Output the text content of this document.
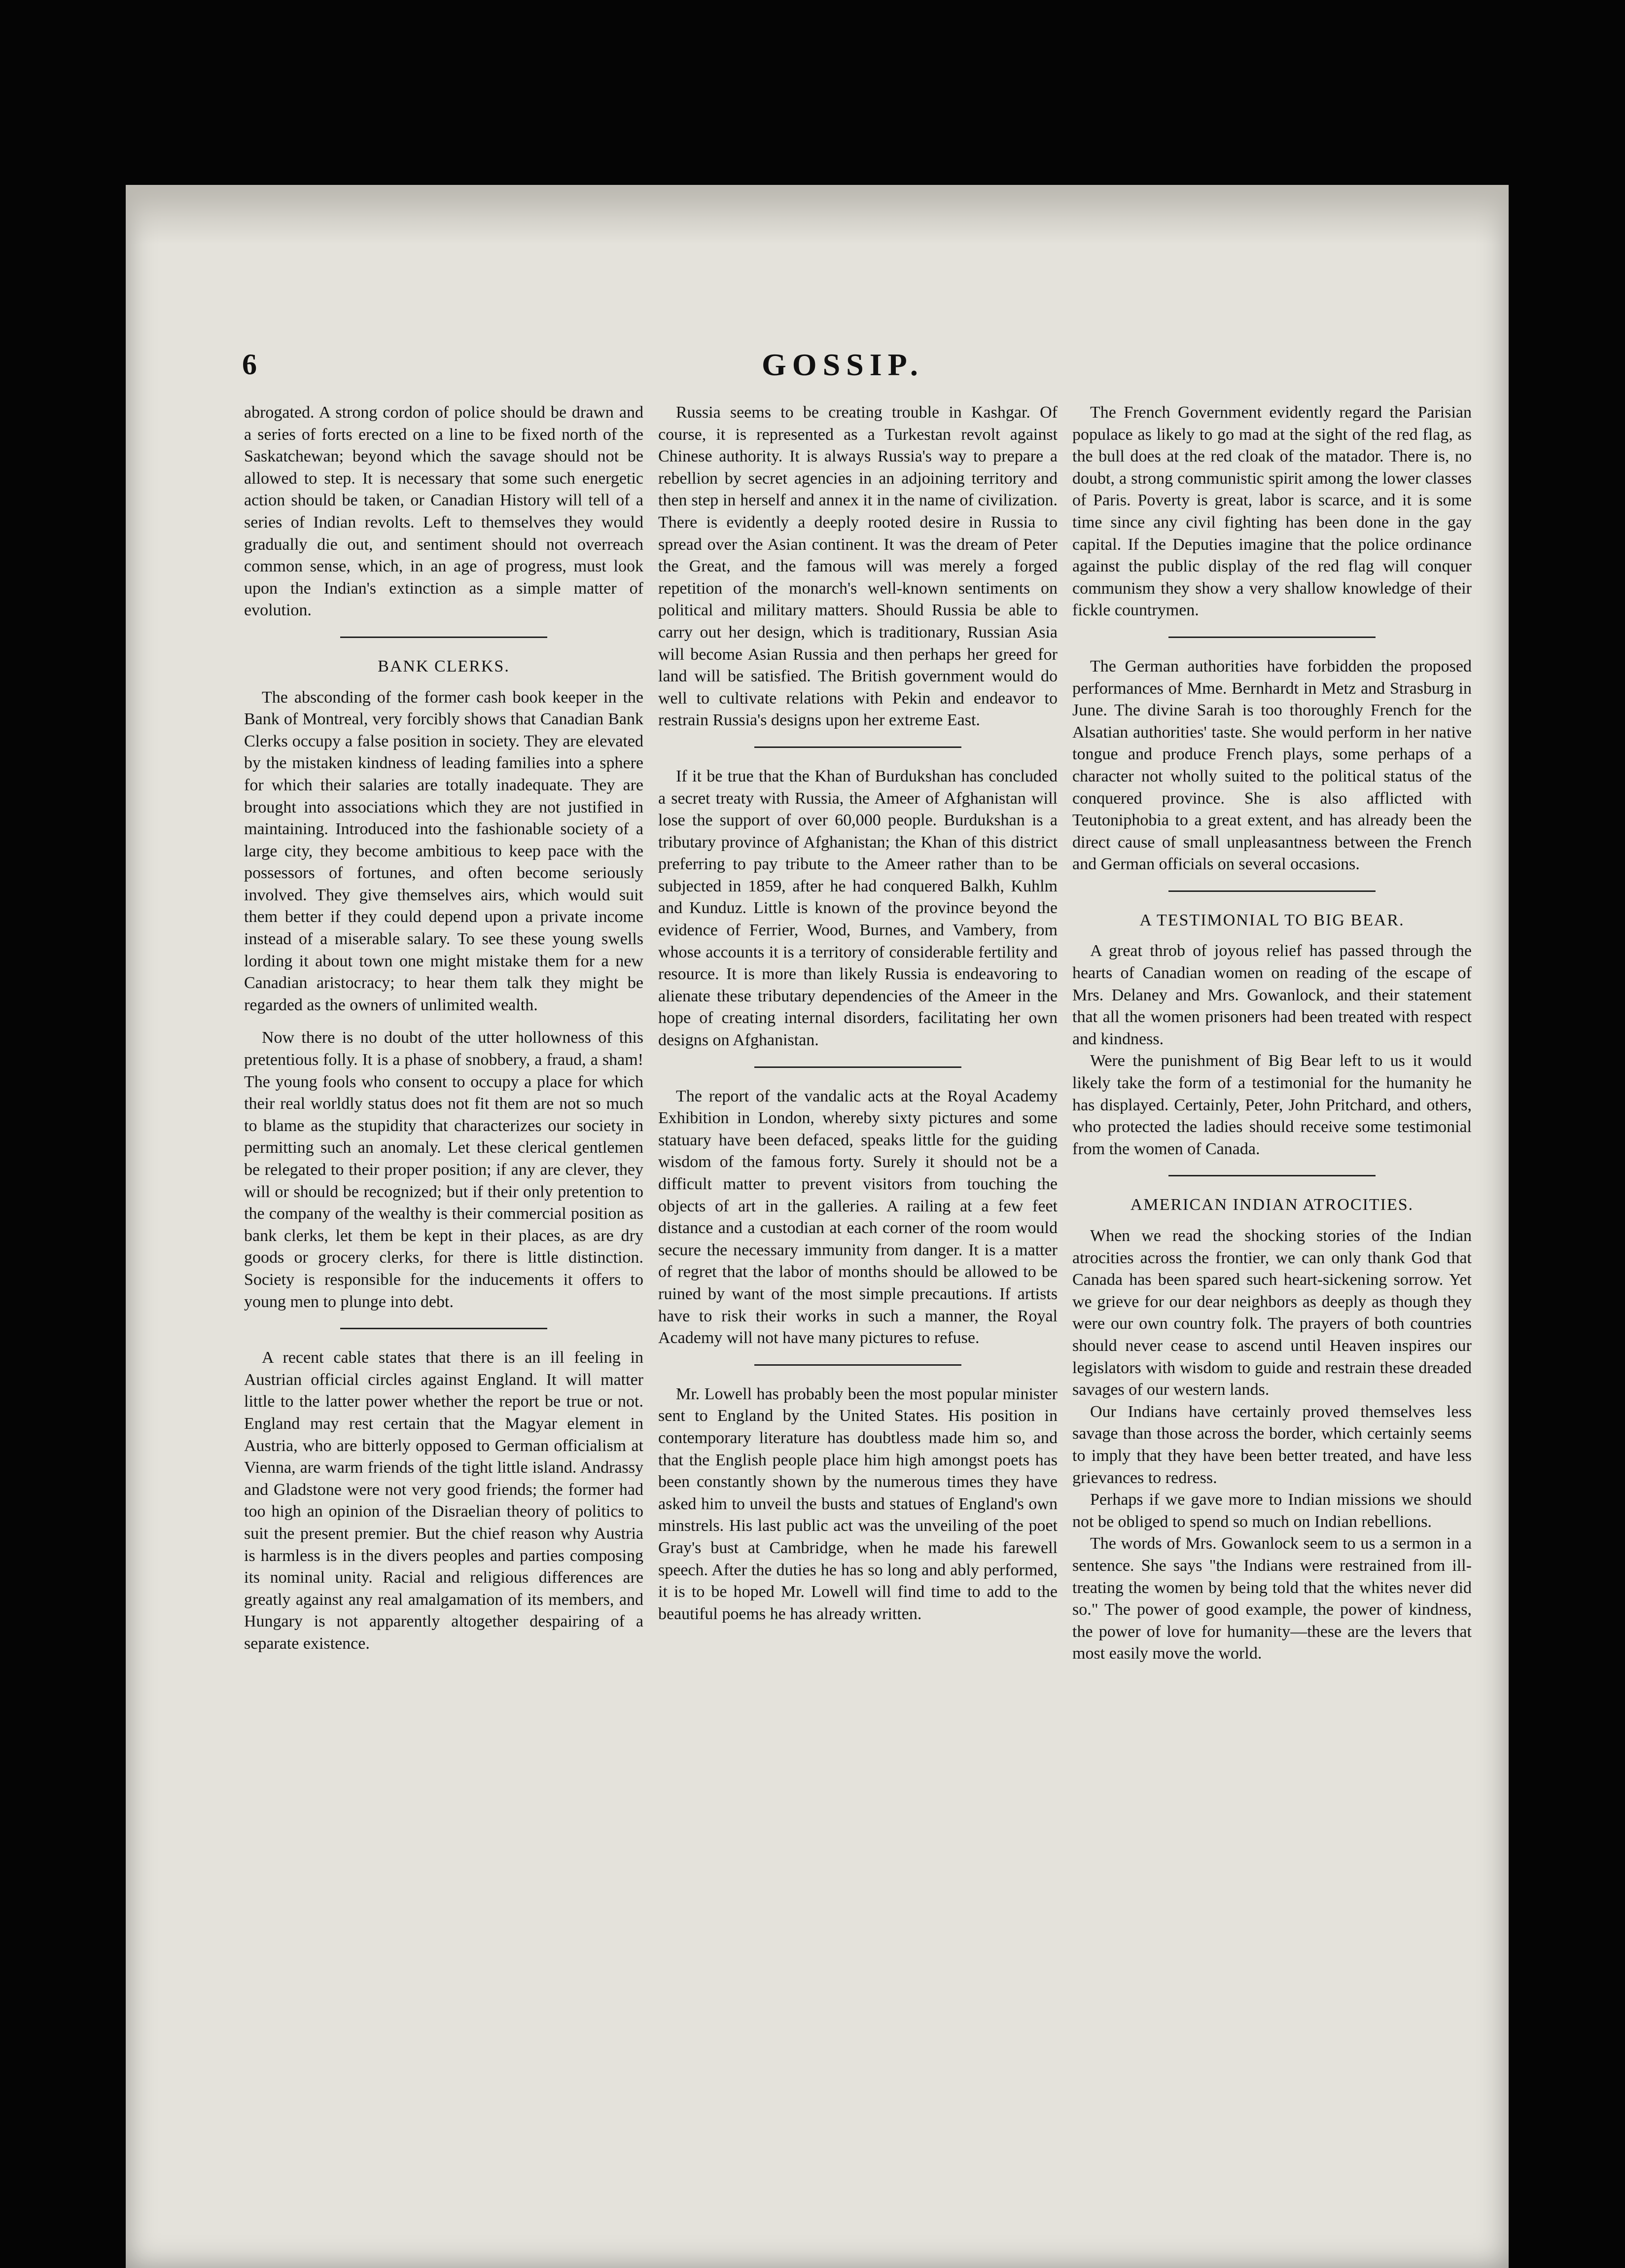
6	GOSSIP.

abrogated. A strong cordon of police should be drawn and a series of forts erected on a line to be fixed north of the Saskatchewan; beyond which the savage should not be allowed to step. It is necessary that some such energetic action should be taken, or Canadian History will tell of a series of Indian revolts. Left to themselves they would gradually die out, and sentiment should not overreach common sense, which, in an age of progress, must look upon the Indian's extinction as a simple matter of evolution.

BANK CLERKS.

The absconding of the former cash book keeper in the Bank of Montreal, very forcibly shows that Canadian Bank Clerks occupy a false position in society. They are elevated by the mistaken kindness of leading families into a sphere for which their salaries are totally inadequate. They are brought into associations which they are not justified in maintaining. Introduced into the fashionable society of a large city, they become ambitious to keep pace with the possessors of fortunes, and often become seriously involved. They give themselves airs, which would suit them better if they could depend upon a private income instead of a miserable salary. To see these young swells lording it about town one might mistake them for a new Canadian aristocracy; to hear them talk they might be regarded as the owners of unlimited wealth.

Now there is no doubt of the utter hollowness of this pretentious folly. It is a phase of snobbery, a fraud, a sham! The young fools who consent to occupy a place for which their real worldly status does not fit them are not so much to blame as the stupidity that characterizes our society in permitting such an anomaly. Let these clerical gentlemen be relegated to their proper position; if any are clever, they will or should be recognized; but if their only pretention to the company of the wealthy is their commercial position as bank clerks, let them be kept in their places, as are dry goods or grocery clerks, for there is little distinction. Society is responsible for the inducements it offers to young men to plunge into debt.

A recent cable states that there is an ill feeling in Austrian official circles against England. It will matter little to the latter power whether the report be true or not. England may rest certain that the Magyar element in Austria, who are bitterly opposed to German officialism at Vienna, are warm friends of the tight little island. Andrassy and Gladstone were not very good friends; the former had too high an opinion of the Disraelian theory of politics to suit the present premier. But the chief reason why Austria is harmless is in the divers peoples and parties composing its nominal unity. Racial and religious differences are greatly against any real amalgamation of its members, and Hungary is not apparently altogether despairing of a separate existence.

Russia seems to be creating trouble in Kashgar. Of course, it is represented as a Turkestan revolt against Chinese authority. It is always Russia's way to prepare a rebellion by secret agencies in an adjoining territory and then step in herself and annex it in the name of civilization. There is evidently a deeply rooted desire in Russia to spread over the Asian continent. It was the dream of Peter the Great, and the famous will was merely a forged repetition of the monarch's well-known sentiments on political and military matters. Should Russia be able to carry out her design, which is traditionary, Russian Asia will become Asian Russia and then perhaps her greed for land will be satisfied. The British government would do well to cultivate relations with Pekin and endeavor to restrain Russia's designs upon her extreme East.

If it be true that the Khan of Burdukshan has concluded a secret treaty with Russia, the Ameer of Afghanistan will lose the support of over 60,000 people. Burdukshan is a tributary province of Afghanistan; the Khan of this district preferring to pay tribute to the Ameer rather than to be subjected in 1859, after he had conquered Balkh, Kuhlm and Kunduz. Little is known of the province beyond the evidence of Ferrier, Wood, Burnes, and Vambery, from whose accounts it is a territory of considerable fertility and resource. It is more than likely Russia is endeavoring to alienate these tributary dependencies of the Ameer in the hope of creating internal disorders, facilitating her own designs on Afghanistan.

The report of the vandalic acts at the Royal Academy Exhibition in London, whereby sixty pictures and some statuary have been defaced, speaks little for the guiding wisdom of the famous forty. Surely it should not be a difficult matter to prevent visitors from touching the objects of art in the galleries. A railing at a few feet distance and a custodian at each corner of the room would secure the necessary immunity from danger. It is a matter of regret that the labor of months should be allowed to be ruined by want of the most simple precautions. If artists have to risk their works in such a manner, the Royal Academy will not have many pictures to refuse.

Mr. Lowell has probably been the most popular minister sent to England by the United States. His position in contemporary literature has doubtless made him so, and that the English people place him high amongst poets has been constantly shown by the numerous times they have asked him to unveil the busts and statues of England's own minstrels. His last public act was the unveiling of the poet Gray's bust at Cambridge, when he made his farewell speech. After the duties he has so long and ably performed, it is to be hoped Mr. Lowell will find time to add to the beautiful poems he has already written.

The French Government evidently regard the Parisian populace as likely to go mad at the sight of the red flag, as the bull does at the red cloak of the matador. There is, no doubt, a strong communistic spirit among the lower classes of Paris. Poverty is great, labor is scarce, and it is some time since any civil fighting has been done in the gay capital. If the Deputies imagine that the police ordinance against the public display of the red flag will conquer communism they show a very shallow knowledge of their fickle countrymen.

The German authorities have forbidden the proposed performances of Mme. Bernhardt in Metz and Strasburg in June. The divine Sarah is too thoroughly French for the Alsatian authorities' taste. She would perform in her native tongue and produce French plays, some perhaps of a character not wholly suited to the political status of the conquered province. She is also afflicted with Teutoniphobia to a great extent, and has already been the direct cause of small unpleasantness between the French and German officials on several occasions.

A TESTIMONIAL TO BIG BEAR.

A great throb of joyous relief has passed through the hearts of Canadian women on reading of the escape of Mrs. Delaney and Mrs. Gowanlock, and their statement that all the women prisoners had been treated with respect and kindness.

Were the punishment of Big Bear left to us it would likely take the form of a testimonial for the humanity he has displayed. Certainly, Peter, John Pritchard, and others, who protected the ladies should receive some testimonial from the women of Canada.

AMERICAN INDIAN ATROCITIES.

When we read the shocking stories of the Indian atrocities across the frontier, we can only thank God that Canada has been spared such heart-sickening sorrow. Yet we grieve for our dear neighbors as deeply as though they were our own country folk. The prayers of both countries should never cease to ascend until Heaven inspires our legislators with wisdom to guide and restrain these dreaded savages of our western lands.

Our Indians have certainly proved themselves less savage than those across the border, which certainly seems to imply that they have been better treated, and have less grievances to redress.

Perhaps if we gave more to Indian missions we should not be obliged to spend so much on Indian rebellions.

The words of Mrs. Gowanlock seem to us a sermon in a sentence. She says "the Indians were restrained from ill-treating the women by being told that the whites never did so." The power of good example, the power of kindness, the power of love for humanity—these are the levers that most easily move the world.
